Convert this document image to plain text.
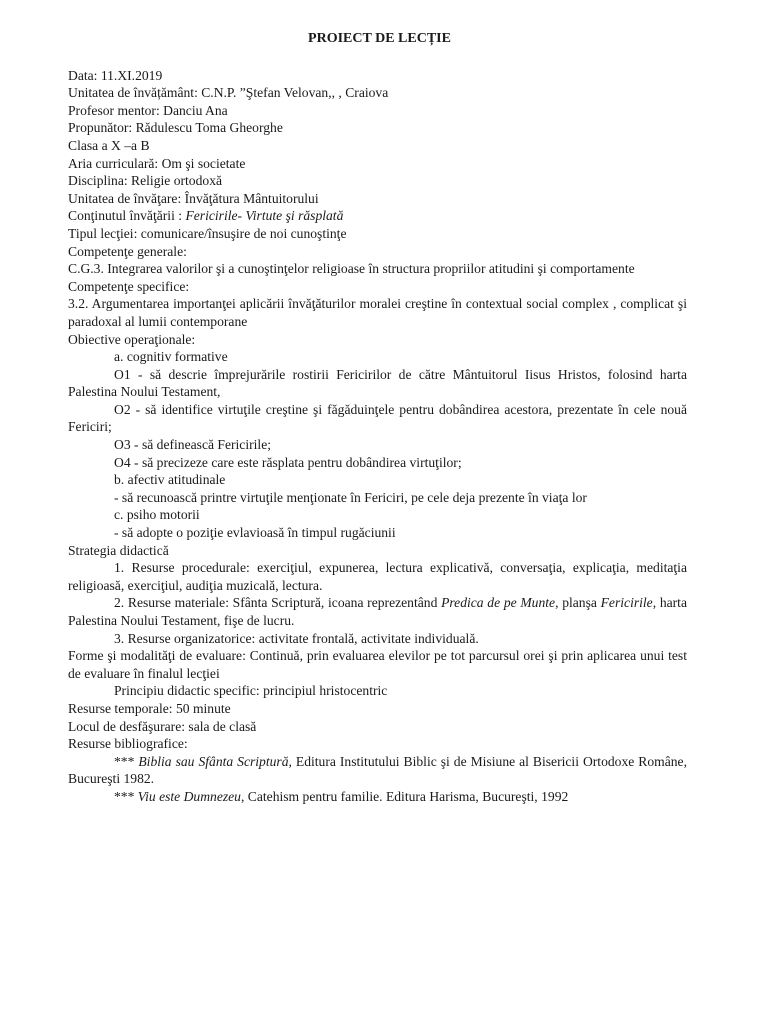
PROIECT DE LECȚIE

Data: 11.XI.2019

Unitatea de învățământ: C.N.P. ”Ştefan Velovan,, , Craiova

Profesor mentor: Danciu Ana

Propunător: Rădulescu Toma Gheorghe

Clasa a X –a B

Aria curriculară: Om şi societate

Disciplina: Religie ortodoxă

Unitatea de învăţare: Învăţătura Mântuitorului

Conţinutul învăţării : Fericirile- Virtute şi răsplată

Tipul lecţiei: comunicare/însuşire de noi cunoştinţe

Competenţe generale:

C.G.3. Integrarea valorilor şi a cunoştinţelor religioase în structura propriilor atitudini şi comportamente

Competenţe specifice:

3.2. Argumentarea importanţei aplicării învăţăturilor moralei creştine în contextual social complex , complicat şi paradoxal al lumii contemporane

Obiective operaţionale:

a. cognitiv formative

O1 - să descrie împrejurările rostirii Fericirilor de către Mântuitorul Iisus Hristos, folosind harta Palestina Noului Testament,

O2 - să identifice virtuţile creştine şi făgăduinţele pentru dobândirea acestora, prezentate în cele nouă Fericiri;

O3 - să definească Fericirile;

O4 - să precizeze care este răsplata pentru dobândirea virtuţilor;

b. afectiv atitudinale

- să recunoască printre virtuţile menţionate în Fericiri, pe cele deja prezente în viaţa lor

c. psiho motorii

- să adopte o poziţie evlavioasă în timpul rugăciunii

Strategia didactică

1. Resurse procedurale: exerciţiul, expunerea, lectura explicativă, conversaţia, explicaţia, meditaţia religioasă, exerciţiul, audiţia muzicală, lectura.

2. Resurse materiale: Sfânta Scriptură, icoana reprezentând Predica de pe Munte, planşa Fericirile, harta Palestina Noului Testament, fişe de lucru.

3. Resurse organizatorice: activitate frontală, activitate individuală.

Forme şi modalităţi de evaluare: Continuă, prin evaluarea elevilor pe tot parcursul orei şi prin aplicarea unui test de evaluare în finalul lecţiei

Principiu didactic specific: principiul hristocentric

Resurse temporale: 50 minute

Locul de desfăşurare: sala de clasă

Resurse bibliografice:

*** Biblia sau Sfânta Scriptură, Editura Institutului Biblic şi de Misiune al Bisericii Ortodoxe Române, Bucureşti 1982.

*** Viu este Dumnezeu, Catehism pentru familie. Editura Harisma, Bucureşti, 1992
